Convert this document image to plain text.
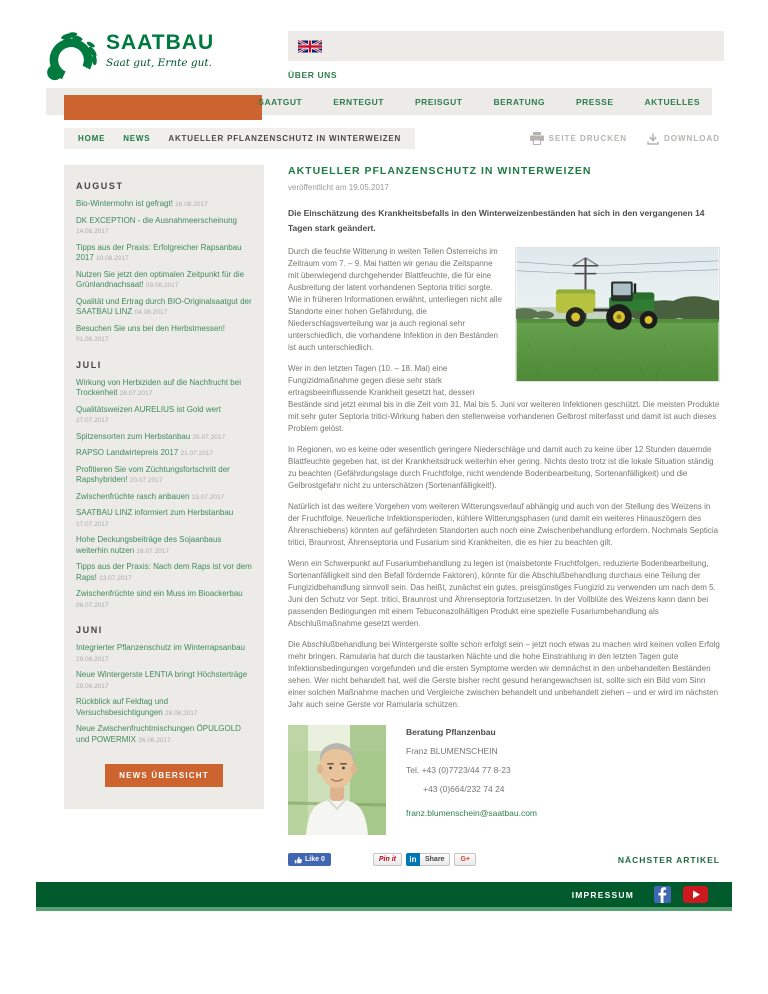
SAATBAU
Saat gut, Ernte gut.
ÜBER UNS
SAATGUT	ERNTEGUT	PREISGUT	BERATUNG	PRESSE	AKTUELLES
HOME NEWS AKTUELLER PFLANZENSCHUTZ IN WINTERWEIZEN	SEITE DRUCKEN	DOWNLOAD
AUGUST
Bio-Wintermohn ist gefragt! 16.08.2017
DK EXCEPTION - die Ausnahmeerscheinung 14.08.2017
Tipps aus der Praxis: Erfolgreicher Rapsanbau 2017 10.08.2017
Nutzen Sie jetzt den optimalen Zeitpunkt für die Grünlandnachsaat! 09.08.2017
Qualität und Ertrag durch BIO-Originalsaatgut der SAATBAU LINZ 04.08.2017
Besuchen Sie uns bei den Herbstmessen! 01.08.2017
JULI
Wirkung von Herbiziden auf die Nachfrucht bei Trockenheit 28.07.2017
Qualitätsweizen AURELIUS ist Gold wert 27.07.2017
Spitzensorten zum Herbstanbau 25.07.2017
RAPSO Landwirtepreis 2017 21.07.2017
Profitieren Sie vom Züchtungsfortschritt der Rapshybriden! 20.07.2017
Zwischenfrüchte rasch anbauen 19.07.2017
SAATBAU LINZ informiert zum Herbstanbau 17.07.2017
Hohe Deckungsbeiträge des Sojaanbaus weiterhin nutzen 16.07.2017
Tipps aus der Praxis: Nach dem Raps ist vor dem Raps! 13.07.2017
Zwischenfrüchte sind ein Muss im Bioackerbau 06.07.2017
JUNI
Integrierter Pflanzenschutz im Winterrapsanbau 29.06.2017
Neue Wintergerste LENTIA bringt Höchsterträge 29.06.2017
Rückblick auf Feldtag und Versuchsbesichtigungen 28.06.2017
Neue Zwischenfruchtmischungen ÖPULGOLD und POWERMIX 26.06.2017
NEWS ÜBERSICHT
AKTUELLER PFLANZENSCHUTZ IN WINTERWEIZEN
veröffentlicht am 19.05.2017

Die Einschätzung des Krankheitsbefalls in den Winterweizenbeständen hat sich in den vergangenen 14 Tagen stark geändert.

Durch die feuchte Witterung in weiten Teilen Österreichs im Zeitraum vom 7. – 9. Mai hatten wir genau die Zeitspanne mit überwiegend durchgehender Blattfeuchte, die für eine Ausbreitung der latent vorhandenen Septoria tritici sorgte. Wie in früheren Informationen erwähnt, unterliegen nicht alle Standorte einer hohen Gefährdung, die Niederschlagsverteilung war ja auch regional sehr unterschiedlich, die vorhandene Infektion in den Beständen ist auch unterschiedlich.

Wer in den letzten Tagen (10. – 18. Mai) eine Fungizidmaßnahme gegen diese sehr stark ertragsbeeinflussende Krankheit gesetzt hat, dessen Bestände sind jetzt einmal bis in die Zeit vom 31. Mai bis 5. Juni vor weiteren Infektionen geschützt. Die meisten Produkte mit sehr guter Septoria tritici-Wirkung haben den stellenweise vorhandenen Gelbrost miterfasst und damit ist auch dieses Problem gelöst.

In Regionen, wo es keine oder wesentlich geringere Niederschläge und damit auch zu keine über 12 Stunden dauernde Blattfeuchte gegeben hat, ist der Krankheitsdruck weiterhin eher gering. Nichts desto trotz ist die lokale Situation ständig zu beachten (Gefährdungslage durch Fruchtfolge, nicht wendende Bodenbearbeitung, Sortenanfälligkeit) und die Gelbrostgefahr nicht zu unterschätzen (Sortenanfälligkeit!).

Natürlich ist das weitere Vorgehen vom weiteren Witterungsverlauf abhängig und auch von der Stellung des Weizens in der Fruchtfolge. Neuerliche Infektionsperioden, kühlere Witterungsphasen (und damit ein weiteres Hinauszögern des Ährenschiebens) könnten auf gefährdeten Standorten auch noch eine Zwischenbehandlung erfordern. Nochmals Septicia tritici, Braunrost, Ährenseptoria und Fusarium sind Krankheiten, die es hier zu beachten gilt.

Wenn ein Schwerpunkt auf Fusariumbehandlung zu legen ist (maisbetonte Fruchtfolgen, reduzierte Bodenbearbeitung, Sortenanfälligkeit sind den Befall fördernde Faktoren), könnte für die Abschlußbehandlung durchaus eine Teilung der Fungizidbehandlung sinnvoll sein. Das heißt, zunächst ein gutes, preisgünstiges Fungizid zu verwenden um nach dem 5. Juni den Schutz vor Sept. tritici, Braunrost und Ährenseptoria fortzusetzen. In der Vollblüte des Weizens kann dann bei passenden Bedingungen mit einem Tebuconazolhältigen Produkt eine spezielle Fusariumbehandlung als Abschlußmaßnahme gesetzt werden.

Die Abschlußbehandlung bei Wintergerste sollte schon erfolgt sein – jetzt noch etwas zu machen wird keinen vollen Erfolg mehr bringen. Ramularia hat durch die taustarken Nächte und die hohe Einstrahlung in den letzten Tagen gute Infektionsbedingungen vorgefunden und die ersten Symptome werden wir demnächst in den unbehandelten Beständen sehen. Wer nicht behandelt hat, weil die Gerste bisher recht gesund herangewachsen ist, sollte sich ein Bild vom Sinn einer solchen Maßnahme machen und Vergleiche zwischen behandelt und unbehandelt ziehen – und er wird im nächsten Jahr auch seine Gerste vor Ramularia schützen.

Beratung Pflanzenbau
Franz BLUMENSCHEIN
Tel. +43 (0)7723/44 77 8-23
+43 (0)664/232 74 24
franz.blumenschein@saatbau.com
Like 0	Pin it	in	Share	G+	NÄCHSTER ARTIKEL
IMPRESSUM
